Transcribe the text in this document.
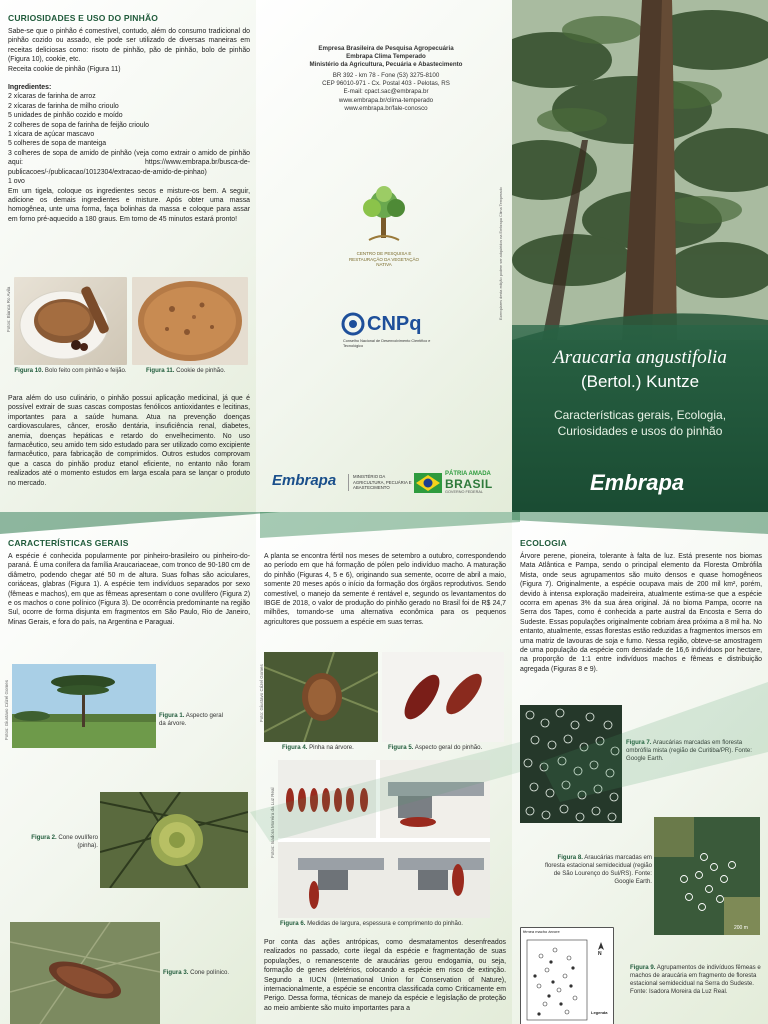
CURIOSIDADES E USO DO PINHÃO
Sabe-se que o pinhão é comestível, contudo, além do consumo tradicional do pinhão cozido ou assado, ele pode ser utilizado de diversas maneiras em receitas deliciosas como: risoto de pinhão, pão de pinhão, bolo de pinhão (Figura 10), cookie, etc.
Receita cookie de pinhão (Figura 11)
Ingredientes:
2 xícaras de farinha de arroz
2 xícaras de farinha de milho crioulo
5 unidades de pinhão cozido e moído
2 colheres de sopa de farinha de feijão crioulo
1 xícara de açúcar mascavo
5 colheres de sopa de manteiga
3 colheres de sopa de amido de pinhão (veja como extrair o amido de pinhão aqui: https://www.embrapa.br/busca-de-publicacoes/-/publicacao/1012304/extracao-de-amido-de-pinhao)
1 ovo
Em um tigela, coloque os ingredientes secos e misture-os bem. A seguir, adicione os demais ingredientes e misture. Após obter uma massa homogênea, unte uma forma, faça bolinhas da massa e coloque para assar em forno pré-aquecido a 180 graus. Em torno de 45 minutos estará pronto!
Fotos: Bianca Ro Avila
Figura 10. Bolo feito com pinhão e feijão.	Figura 11. Cookie de pinhão.
Para além do uso culinário, o pinhão possui aplicação medicinal, já que é possível extrair de suas cascas compostas fenólicos antioxidantes e lecitinas, importantes para a saúde humana. Atua na prevenção doenças cardiovasculares, câncer, erosão dentária, insuficiência renal, diabetes, anemia, doenças hepáticas e retardo do envelhecimento. No uso farmacêutico, seu amido tem sido estudado para ser utilizado como excipiente farmacêutico, para fabricação de comprimidos. Outros estudos comprovam que a casca do pinhão produz etanol eficiente, no entanto não foram realizados até o momento estudos em larga escala para se lançar o produto no mercado.
Empresa Brasileira de Pesquisa Agropecuária
Embrapa Clima Temperado
Ministério da Agricultura, Pecuária e Abastecimento
BR 392 - km 78 - Fone (53) 3275-8100
CEP 96010-971 - Cx. Postal 403 - Pelotas, RS
E-mail: cpact.sac@embrapa.br
www.embrapa.br/clima-temperado
www.embrapa.br/fale-conosco
Exemplares desta edição podem ser adquiridos na Embrapa Clima Temperado
CENTRO DE PESQUISA E RESTAURAÇÃO DA VEGETAÇÃO NATIVA
CNPq
Conselho Nacional de Desenvolvimento Científico e Tecnológico
Embrapa	MINISTÉRIO DA AGRICULTURA, PECUÁRIA E ABASTECIMENTO
PÁTRIA AMADA
BRASIL
GOVERNO FEDERAL
Araucaria angustifolia
(Bertol.) Kuntze
Características gerais, Ecologia,
Curiosidades e usos do pinhão
Embrapa
CARACTERÍSTICAS GERAIS
A espécie é conhecida popularmente por pinheiro-brasileiro ou pinheiro-do-paraná. É uma conífera da família Araucariaceae, com tronco de 90-180 cm de diâmetro, podendo chegar até 50 m de altura. Suas folhas são aciculares, coriáceas, glabras (Figura 1). A espécie tem indivíduos separados por sexo (fêmeas e machos), em que as fêmeas apresentam o cone ovulífero (Figura 2) e os machos o cone polínico (Figura 3). De ocorrência predominante na região Sul, ocorre de forma disjunta em fragmentos em São Paulo, Rio de Janeiro, Minas Gerais, e fora do país, na Argentina e Paraguai.
Fotos: Giustavo Crizel Gomes	Figura 1. Aspecto geral da árvore.
Figura 2. Cone ovulífero (pinha).
Figura 3. Cone polínico.
A planta se encontra fértil nos meses de setembro a outubro, correspondendo ao período em que há formação de pólen pelo indivíduo macho. A maturação do pinhão (Figuras 4, 5 e 6), originando sua semente, ocorre de abril a maio, somente 20 meses após o início da formação dos órgãos reprodutivos. Sendo comestível, o manejo da semente é rentável e, segundo os levantamentos do IBGE de 2018, o valor de produção do pinhão gerado no Brasil foi de R$ 24,7 milhões, tornando-se uma alternativa econômica para os pequenos agricultores que possuem a espécie em suas terras.
Foto: Giustavo Crizel Gomes
Figura 4. Pinha na árvore.	Figura 5. Aspecto geral do pinhão.
Fotos: Isadora Moreira da Luz Real
Figura 6. Medidas de largura, espessura e comprimento do pinhão.
Por conta das ações antrópicas, como desmatamentos desenfreados realizados no passado, corte ilegal da espécie e fragmentação de suas populações, o remanescente de araucárias gerou endogamia, ou seja, formação de genes deletérios, colocando a espécie em risco de extinção. Segundo a IUCN (International Union for Conservation of Nature), internacionalmente, a espécie se encontra classificada como Criticamente em Perigo. Dessa forma, técnicas de manejo da espécie e legislação de proteção ao meio ambiente são muito importantes para a
ECOLOGIA
Árvore perene, pioneira, tolerante à falta de luz. Está presente nos biomas Mata Atlântica e Pampa, sendo o principal elemento da Floresta Ombrófila Mista, onde seus agrupamentos são muito densos e quase homogêneos (Figura 7). Originalmente, a espécie ocupava mais de 200 mil km², porém, devido à intensa exploração madeireira, atualmente estima-se que a espécie ocorra em apenas 3% da sua área original. Já no bioma Pampa, ocorre na Serra dos Tapes, como é conhecida a parte austral da Encosta e Serra do Sudeste. Essas populações originalmente cobriam área próxima a 8 mil ha. No entanto, atualmente, essas florestas estão reduzidas a fragmentos imersos em uma matriz de lavouras de soja e fumo. Nessa região, obteve-se amostragem de uma população da espécie com densidade de 16,6 indivíduos por hectare, na proporção de 1:1 entre indivíduos machos e fêmeas e distribuição agregada (Figuras 8 e 9).
Figura 7. Araucárias marcadas em floresta ombrófila mista (região de Curitiba/PR). Fonte: Google Earth.
200 m
Figura 8. Araucárias marcadas em floresta estacional semidecidual (região de São Lourenço do Sul/RS). Fonte: Google Earth.
fêmea macho árvore
N
Legenda
Figura 9. Agrupamentos de indivíduos fêmeas e machos de araucária em fragmento de floresta estacional semidecidual na Serra do Sudeste. Fonte: Isadora Moreira da Luz Real.
